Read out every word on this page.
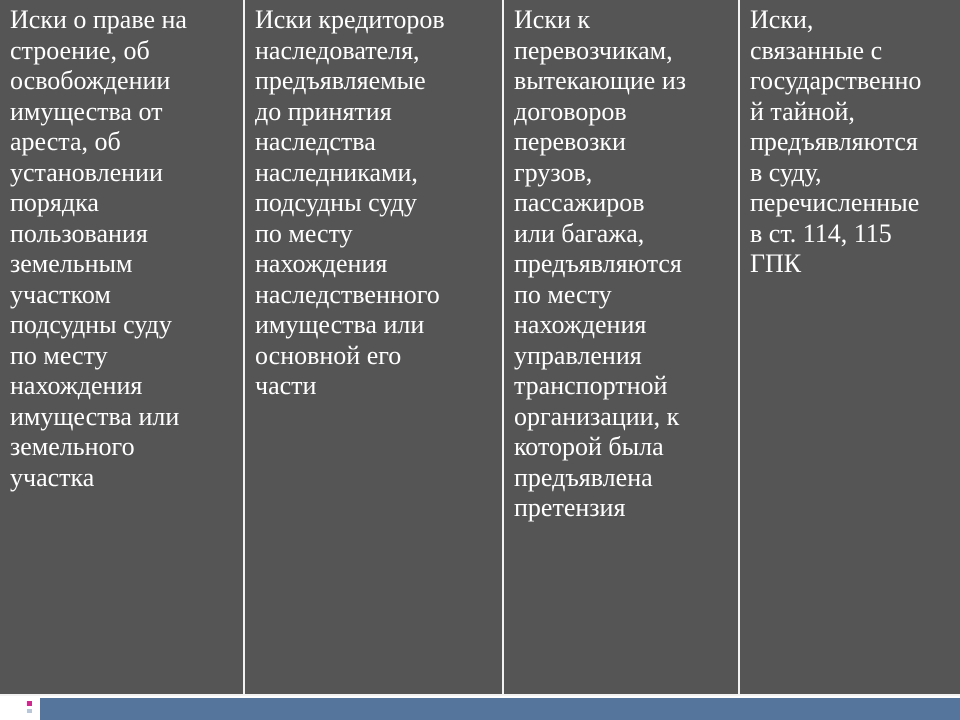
Иски о праве на
строение, об
освобождении
имущества от
ареста, об
установлении
порядка
пользования
земельным
участком
подсудны суду
по месту
нахождения
имущества или
земельного
участка
Иски кредиторов
наследователя,
предъявляемые
до принятия
наследства
наследниками,
подсудны суду
по месту
нахождения
наследственного
имущества или
основной его
части
Иски к
перевозчикам,
вытекающие из
договоров
перевозки
грузов,
пассажиров
или багажа,
предъявляются
по месту
нахождения
управления
транспортной
организации, к
которой была
предъявлена
претензия
Иски,
связанные с
государственно
й тайной,
предъявляются
в суду,
перечисленные
в ст. 114, 115
ГПК
